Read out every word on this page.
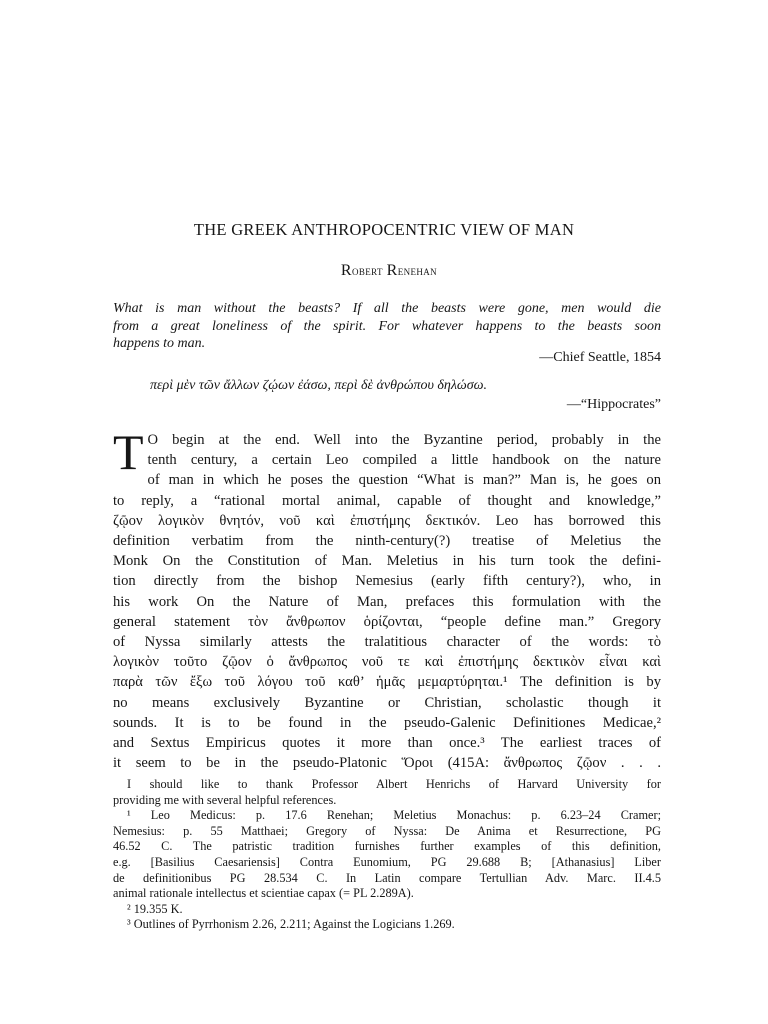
THE GREEK ANTHROPOCENTRIC VIEW OF MAN
Robert Renehan
What is man without the beasts? If all the beasts were gone, men would die
from a great loneliness of the spirit. For whatever happens to the beasts soon
happens to man.
—Chief Seattle, 1854
περὶ μὲν τῶν ἄλλων ζῴων ἐάσω, περὶ δὲ ἀνθρώπου δηλώσω.
—“Hippocrates”
T O begin at the end. Well into the Byzantine period, probably in the
tenth century, a certain Leo compiled a little handbook on the nature
of man in which he poses the question “What is man?” Man is, he goes on
to reply, a “rational mortal animal, capable of thought and knowledge,”
ζῷον λογικὸν θνητόν, νοῦ καὶ ἐπιστήμης δεκτικόν. Leo has borrowed this
definition verbatim from the ninth-century(?) treatise of Meletius the
Monk On the Constitution of Man. Meletius in his turn took the defini-
tion directly from the bishop Nemesius (early fifth century?), who, in
his work On the Nature of Man, prefaces this formulation with the
general statement τὸν ἄνθρωπον ὁρίζονται, “people define man.” Gregory
of Nyssa similarly attests the tralatitious character of the words: τὸ
λογικὸν τοῦτο ζῷον ὁ ἄνθρωπος νοῦ τε καὶ ἐπιστήμης δεκτικὸν εἶναι καὶ
παρὰ τῶν ἔξω τοῦ λόγου τοῦ καθ’ ἡμᾶς μεμαρτύρηται.¹ The definition is by
no means exclusively Byzantine or Christian, scholastic though it
sounds. It is to be found in the pseudo-Galenic Definitiones Medicae,²
and Sextus Empiricus quotes it more than once.³ The earliest traces of
it seem to be in the pseudo-Platonic Ὅροι (415A: ἄνθρωπος ζῷον . . .
I should like to thank Professor Albert Henrichs of Harvard University for
providing me with several helpful references.
¹ Leo Medicus: p. 17.6 Renehan; Meletius Monachus: p. 6.23–24 Cramer;
Nemesius: p. 55 Matthaei; Gregory of Nyssa: De Anima et Resurrectione, PG
46.52 C. The patristic tradition furnishes further examples of this definition,
e.g. [Basilius Caesariensis] Contra Eunomium, PG 29.688 B; [Athanasius] Liber
de definitionibus PG 28.534 C. In Latin compare Tertullian Adv. Marc. II.4.5
animal rationale intellectus et scientiae capax (= PL 2.289A).
² 19.355 K.
³ Outlines of Pyrrhonism 2.26, 2.211; Against the Logicians 1.269.
